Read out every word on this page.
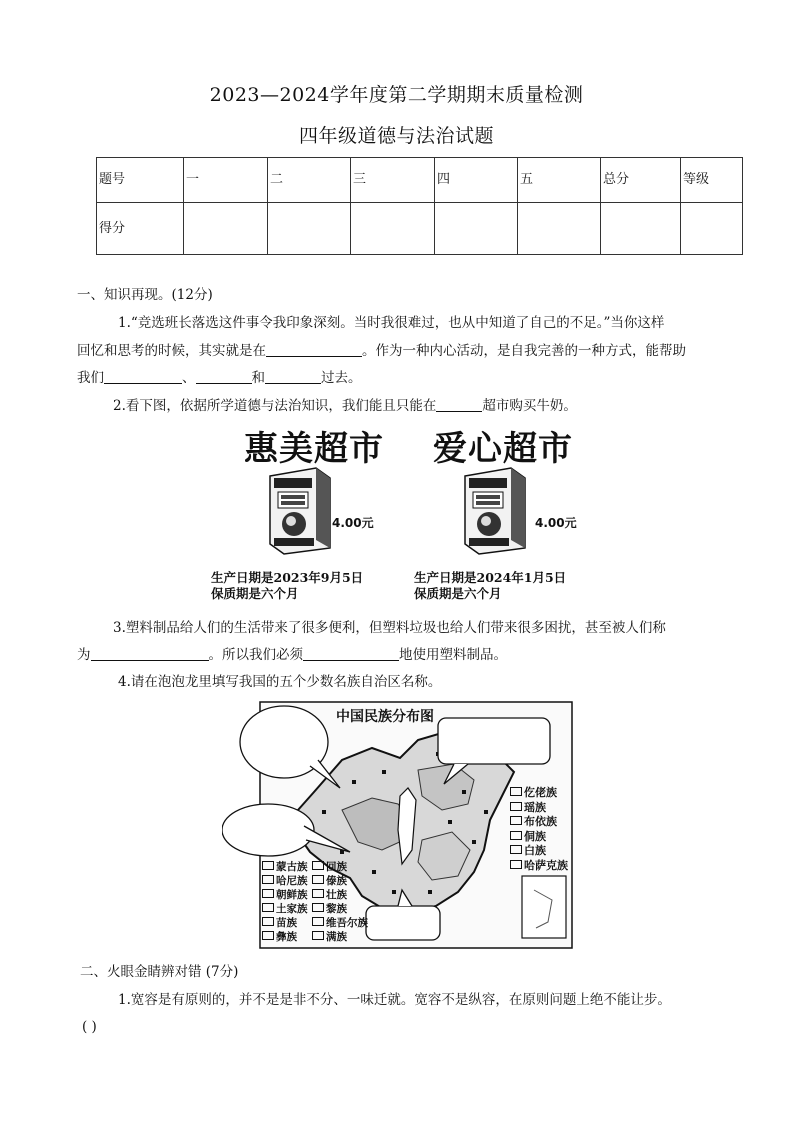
2023—2024学年度第二学期期末质量检测
四年级道德与法治试题
题号	一	二	三	四	五	总分	等级
得分							
一、知识再现。(12分)
1.“竞选班长落选这件事令我印象深刻。当时我很难过，也从中知道了自己的不足。”当你这样
回忆和思考的时候，其实就是在	。作为一种内心活动，是自我完善的一种方式，能帮助
我们	、	和	过去。
2.看下图，依据所学道德与法治知识，我们能且只能在	超市购买牛奶。
惠美超市 爱心超市
4.00元	4.00元
生产日期是2023年9月5日
保质期是六个月
生产日期是2024年1月5日
保质期是六个月
3.塑料制品给人们的生活带来了很多便利，但塑料垃圾也给人们带来很多困扰，甚至被人们称
为	。所以我们必须	地使用塑料制品。
4.请在泡泡龙里填写我国的五个少数名族自治区名称。
中国民族分布图
仡佬族
瑶族
布依族
侗族
白族
哈萨克族
蒙古族
哈尼族
朝鲜族
土家族
苗族
彝族
回族
傣族
壮族
黎族
维吾尔族
满族
二、火眼金睛辨对错 (7分)
1.宽容是有原则的，并不是是非不分、一味迁就。宽容不是纵容，在原则问题上绝不能让步。
( )
